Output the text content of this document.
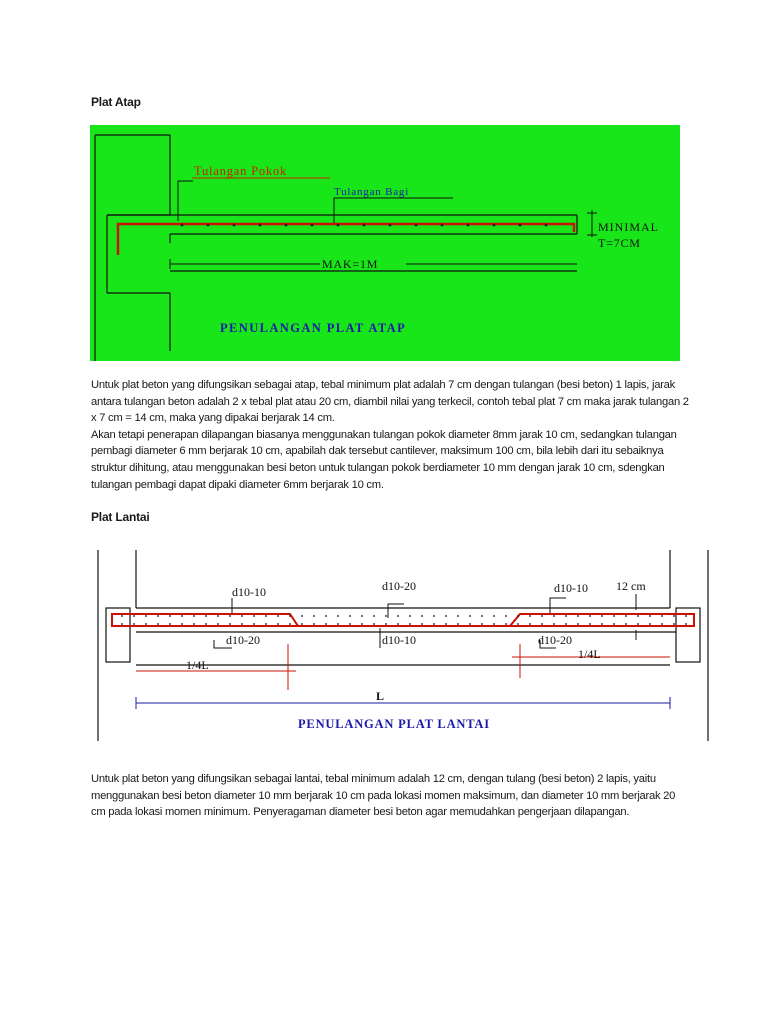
Plat Atap
Tulangan Pokok
Tulangan Bagi
MINIMAL
T=7CM
MAK=1M
PENULANGAN PLAT ATAP

Untuk plat beton yang difungsikan sebagai atap, tebal minimum plat adalah 7 cm dengan tulangan (besi beton) 1 lapis, jarak antara tulangan beton adalah 2 x tebal plat atau 20 cm, diambil nilai yang terkecil, contoh tebal plat 7 cm maka jarak tulangan 2 x 7 cm = 14 cm, maka yang dipakai berjarak 14 cm.
Akan tetapi penerapan dilapangan biasanya menggunakan tulangan pokok diameter 8mm jarak 10 cm, sedangkan tulangan pembagi diameter 6 mm berjarak 10 cm, apabilah dak tersebut cantilever, maksimum 100 cm, bila lebih dari itu sebaiknya struktur dihitung, atau menggunakan besi beton untuk tulangan pokok berdiameter 10 mm dengan jarak 10 cm, sdengkan tulangan pembagi dapat dipaki diameter 6mm berjarak 10 cm.

Plat Lantai
d10-10	d10-20	d10-10 12 cm
d10-20	d10-10	d10-20
1/4L
1/4L
L
PENULANGAN PLAT LANTAI

Untuk plat beton yang difungsikan sebagai lantai, tebal minimum adalah 12 cm, dengan tulang (besi beton) 2 lapis, yaitu menggunakan besi beton diameter 10 mm berjarak 10 cm pada lokasi momen maksimum, dan diameter 10 mm berjarak 20 cm pada lokasi momen minimum. Penyeragaman diameter besi beton agar memudahkan pengerjaan dilapangan.
